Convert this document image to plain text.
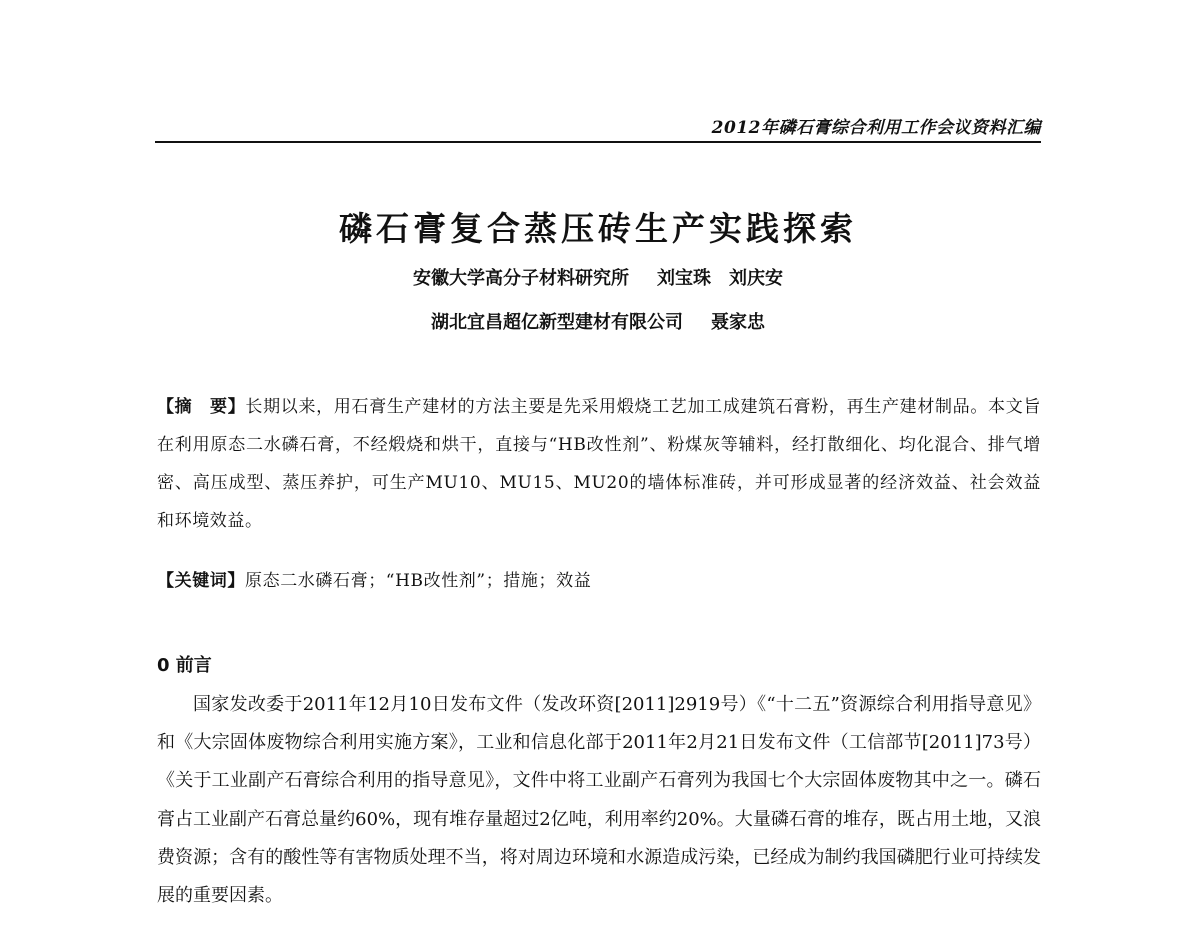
2012年磷石膏综合利用工作会议资料汇编
磷石膏复合蒸压砖生产实践探索
安徽大学高分子材料研究所 刘宝珠　刘庆安
湖北宜昌超亿新型建材有限公司 聂家忠
【摘　要】长期以来，用石膏生产建材的方法主要是先采用煅烧工艺加工成建筑石膏粉，再生产建材制品。本文旨在利用原态二水磷石膏，不经煅烧和烘干，直接与“HB改性剂”、粉煤灰等辅料，经打散细化、均化混合、排气增密、高压成型、蒸压养护，可生产MU10、MU15、MU20的墙体标准砖，并可形成显著的经济效益、社会效益和环境效益。
【关键词】原态二水磷石膏；“HB改性剂”；措施；效益
0 前言

国家发改委于2011年12月10日发布文件（发改环资[2011]2919号）《“十二五”资源综合利用指导意见》和《大宗固体废物综合利用实施方案》，工业和信息化部于2011年2月21日发布文件（工信部节[2011]73号）《关于工业副产石膏综合利用的指导意见》，文件中将工业副产石膏列为我国七个大宗固体废物其中之一。磷石膏占工业副产石膏总量约60%，现有堆存量超过2亿吨，利用率约20%。大量磷石膏的堆存，既占用土地，又浪费资源；含有的酸性等有害物质处理不当，将对周边环境和水源造成污染，已经成为制约我国磷肥行业可持续发展的重要因素。
